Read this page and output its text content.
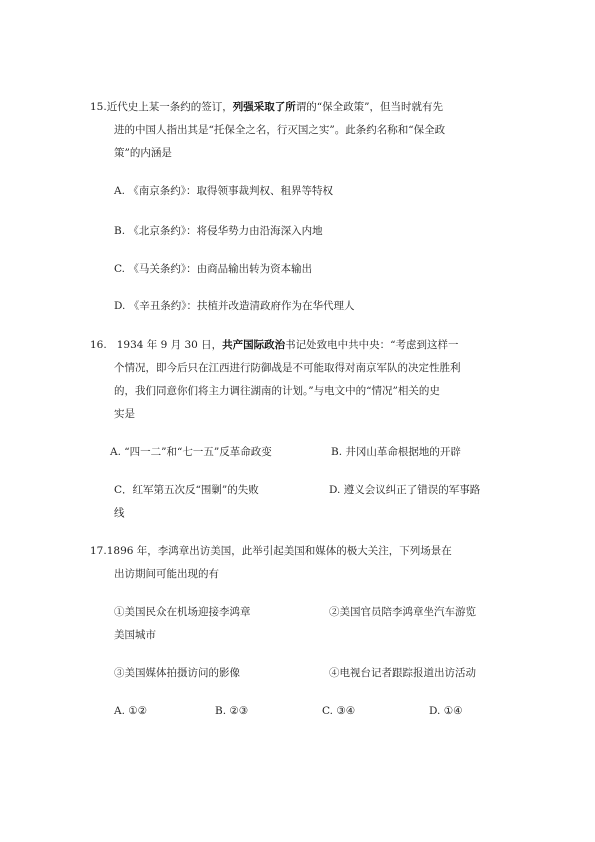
15.近代史上某一条约的签订，列强采取了所谓的“保全政策”，但当时就有先
进的中国人指出其是“托保全之名，行灭国之实”。此条约名称和“保全政
策”的内涵是
A. 《南京条约》：取得领事裁判权、租界等特权
B. 《北京条约》：将侵华势力由沿海深入内地
C. 《马关条约》：由商品输出转为资本输出
D. 《辛丑条约》：扶植并改造清政府作为在华代理人
16. 1934 年 9 月 30 日，共产国际政治书记处致电中共中央：“考虑到这样一
个情况，即今后只在江西进行防御战是不可能取得对南京军队的决定性胜利
的，我们同意你们将主力调往湖南的计划。”与电文中的“情况”相关的史
实是
A. “四一二”和“七一五”反革命政变	B. 井冈山革命根据地的开辟
C．红军第五次反“围剿”的失败	D. 遵义会议纠正了错误的军事路
线
17.1896 年，李鸿章出访美国，此举引起美国和媒体的极大关注，下列场景在
出访期间可能出现的有
①美国民众在机场迎接李鸿章	②美国官员陪李鸿章坐汽车游览
美国城市
③美国媒体拍摄访问的影像	④电视台记者跟踪报道出访活动
A. ①②	B. ②③	C. ③④	D. ①④
